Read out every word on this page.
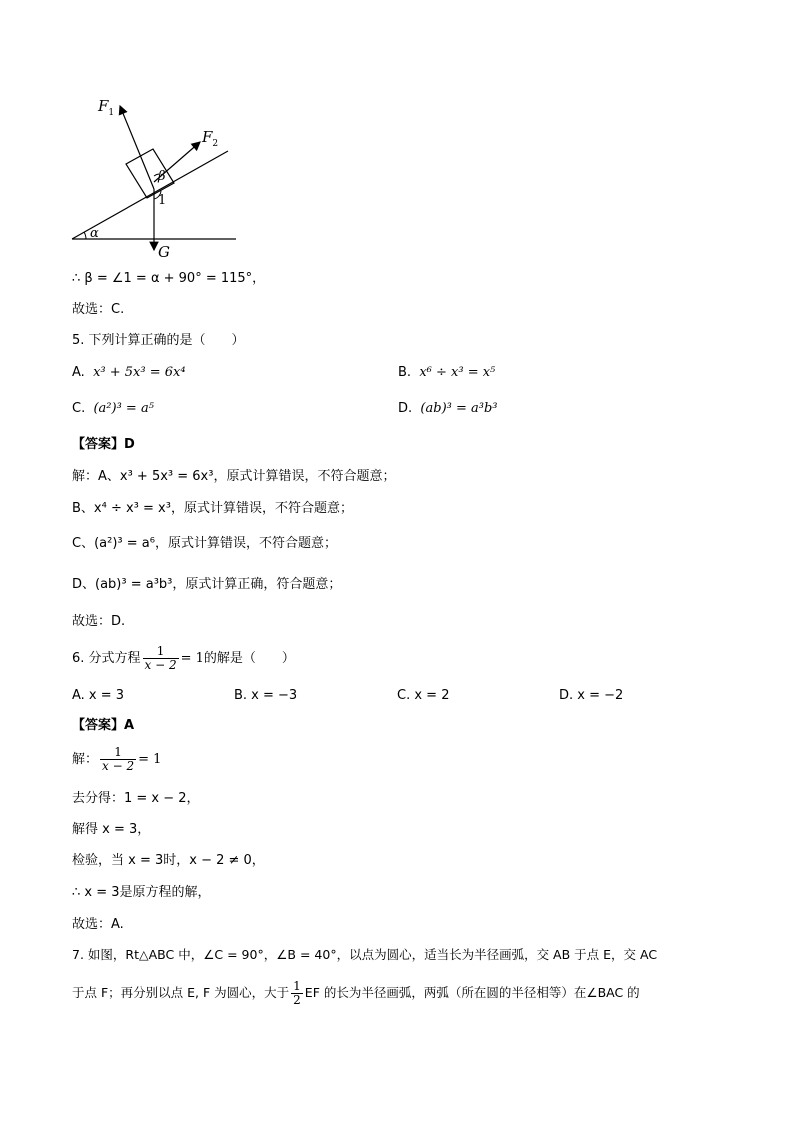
$F_1$
$F_2$
β
1
α
G
∴ β = ∠1 = α + 90° = 115°，
故选：C.
5. 下列计算正确的是（　　）
A. x³ + 5x³ = 6x⁴	B. x⁶ ÷ x³ = x⁵
C. (a²)³ = a⁵	D. (ab)³ = a³b³
【答案】D
解：A、x³ + 5x³ = 6x³，原式计算错误，不符合题意；
B、x⁴ ÷ x³ = x³，原式计算错误，不符合题意；
C、(a²)³ = a⁶，原式计算错误，不符合题意；
D、(ab)³ = a³b³，原式计算正确，符合题意；
故选：D.
6. 分式方程 $\frac{1}{x - 2} = 1$的解是（　　）
A. x = 3	B. x = −3	C. x = 2	D. x = −2
【答案】A
解： $\frac{1}{x - 2} = 1$
去分得：1 = x − 2，
解得 x = 3，
检验，当 x = 3时，x − 2 ≠ 0，
∴ x = 3是原方程的解，
故选：A.
7. 如图，Rt△ABC 中，∠C = 90°，∠B = 40°，以点为圆心，适当长为半径画弧，交 AB 于点 E，交 AC
于点 F；再分别以点 E, F 为圆心，大于 $\frac{1}{2}$ EF 的长为半径画弧，两弧（所在圆的半径相等）在∠BAC 的
